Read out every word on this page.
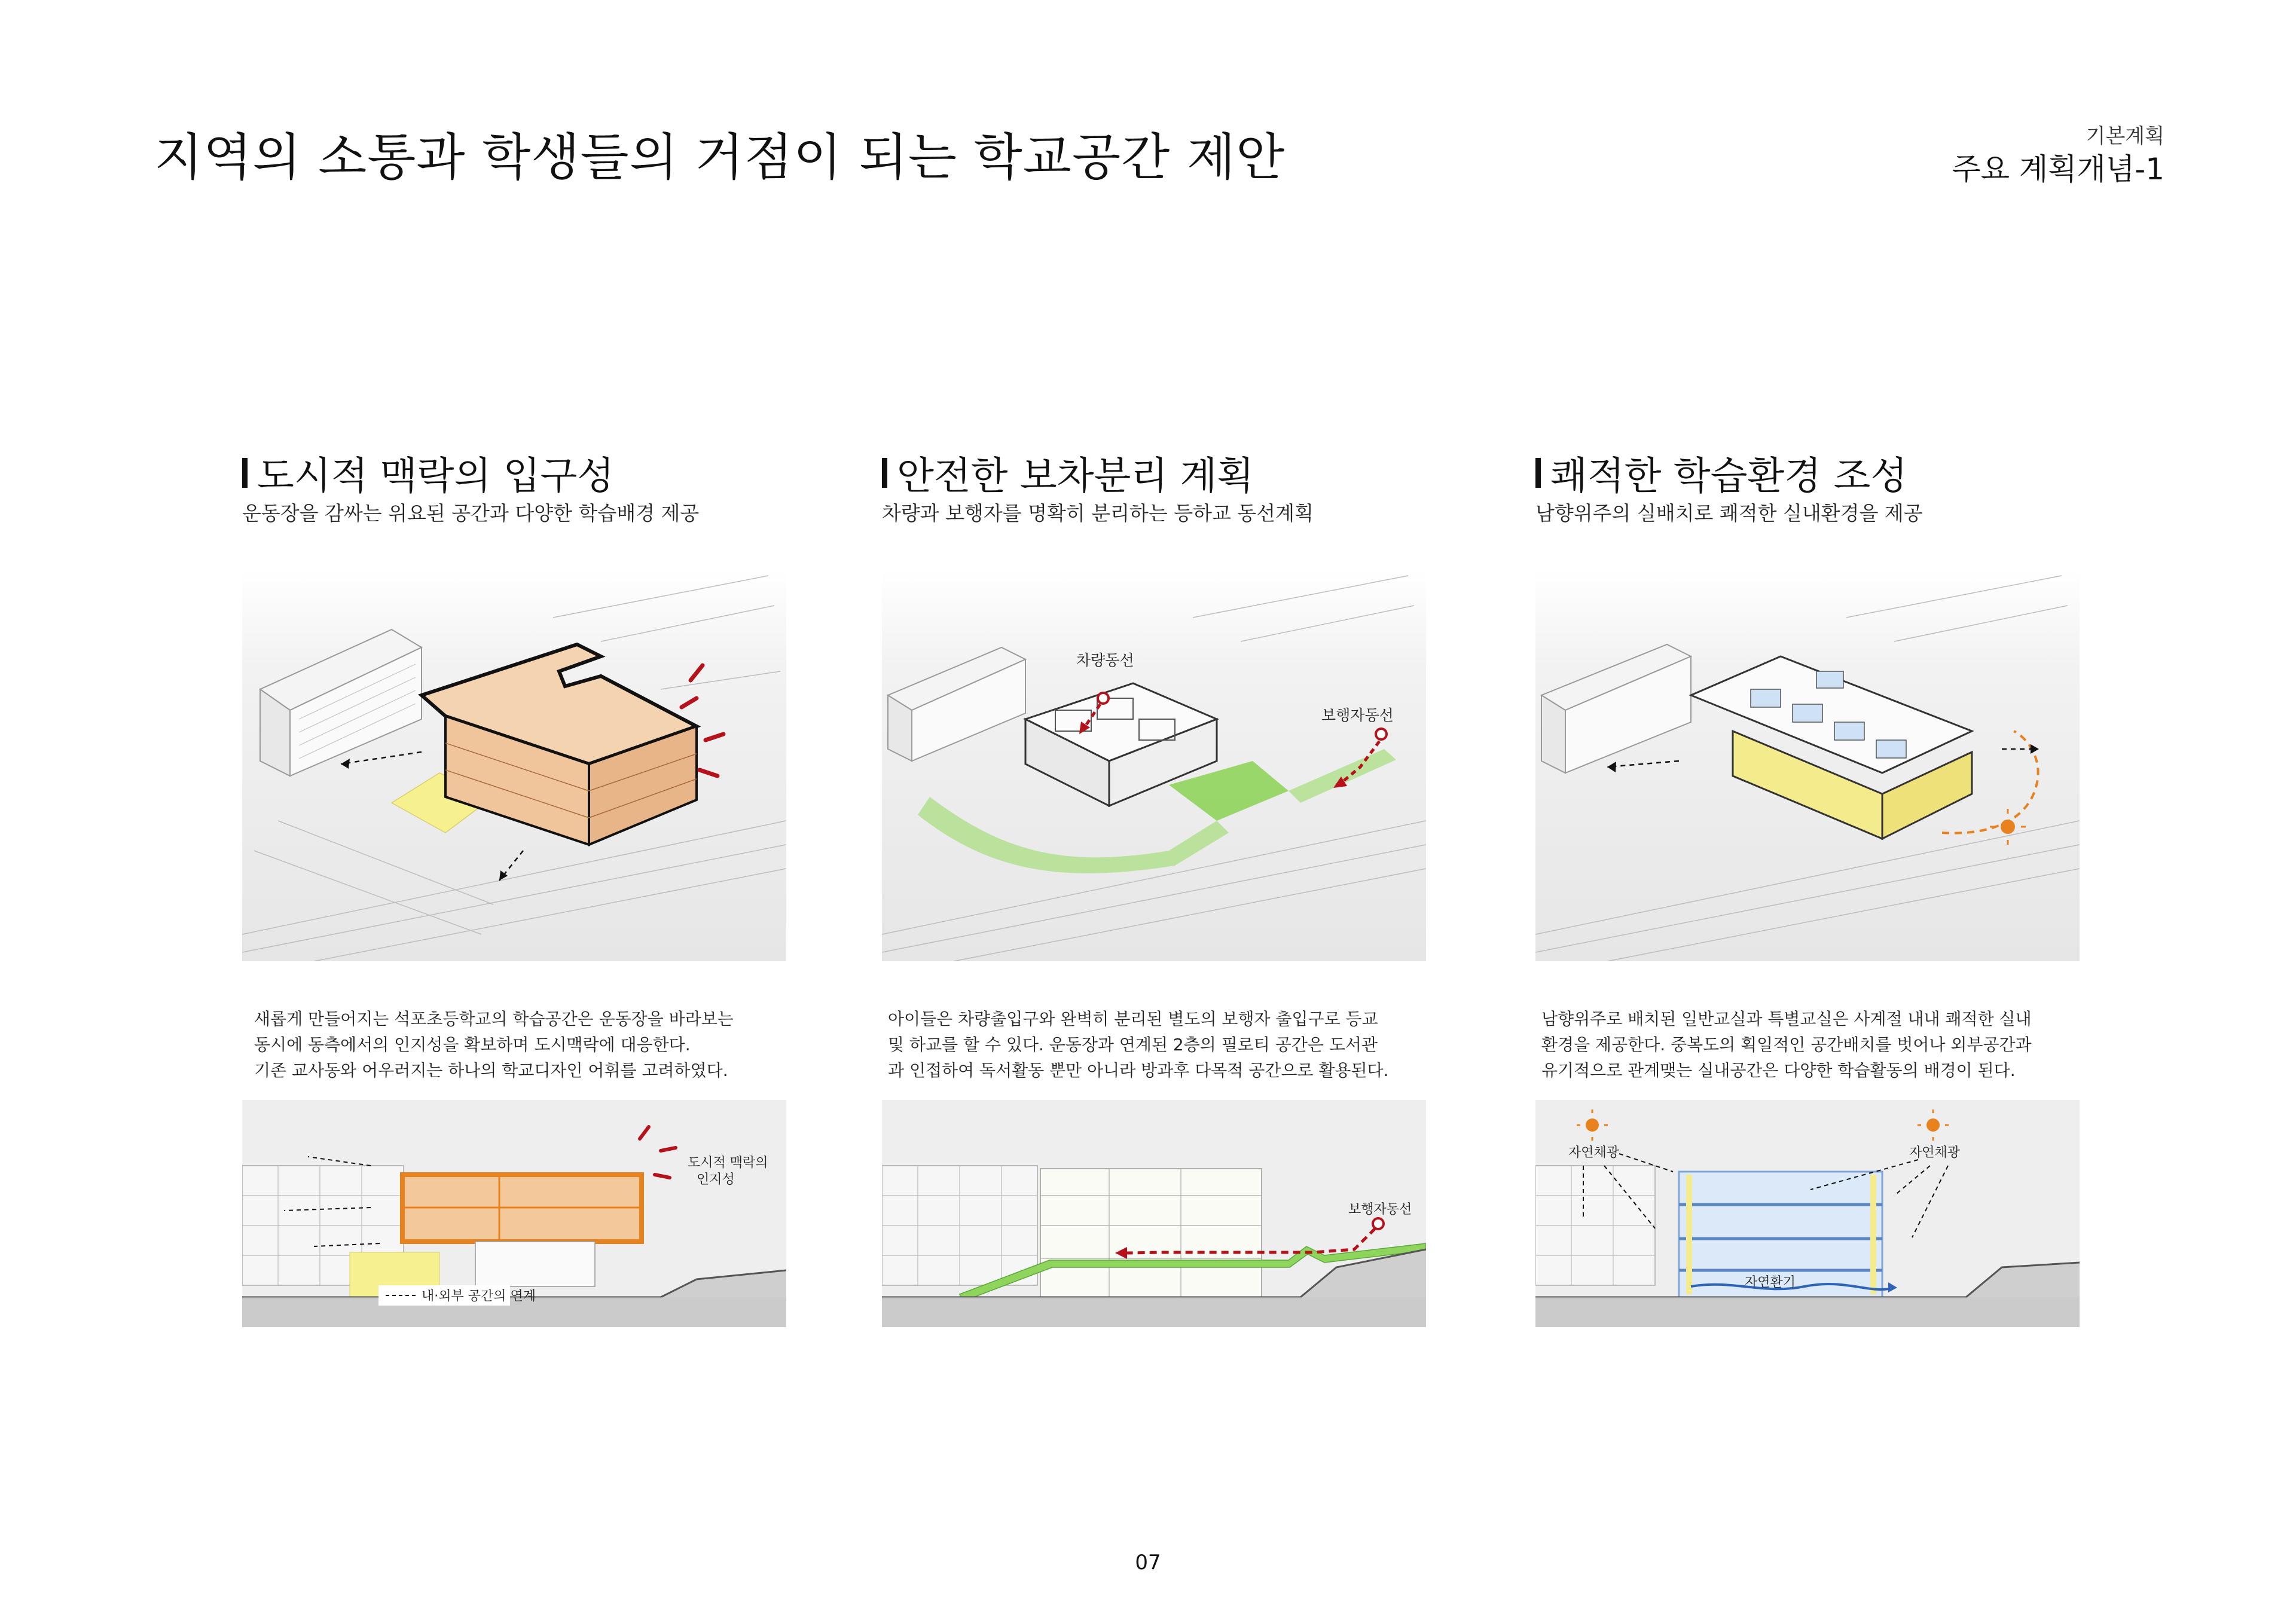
지역의 소통과 학생들의 거점이 되는 학교공간 제안	기본계획
주요 계획개념-1
도시적 맥락의 입구성
운동장을 감싸는 위요된 공간과 다양한 학습배경 제공
새롭게 만들어지는 석포초등학교의 학습공간은 운동장을 바라보는
동시에 동측에서의 인지성을 확보하며 도시맥락에 대응한다.
기존 교사동와 어우러지는 하나의 학교디자인 어휘를 고려하였다.
도시적 맥락의
인지성
내·외부 공간의 연계
안전한 보차분리 계획
차량과 보행자를 명확히 분리하는 등하교 동선계획
차량동선
보행자동선
아이들은 차량출입구와 완벽히 분리된 별도의 보행자 출입구로 등교
및 하교를 할 수 있다. 운동장과 연계된 2층의 필로티 공간은 도서관
과 인접하여 독서활동 뿐만 아니라 방과후 다목적 공간으로 활용된다.
보행자동선
쾌적한 학습환경 조성
남향위주의 실배치로 쾌적한 실내환경을 제공
남향위주로 배치된 일반교실과 특별교실은 사계절 내내 쾌적한 실내
환경을 제공한다. 중복도의 획일적인 공간배치를 벗어나 외부공간과
유기적으로 관계맺는 실내공간은 다양한 학습활동의 배경이 된다.
자연환기
자연채광	자연채광
07
